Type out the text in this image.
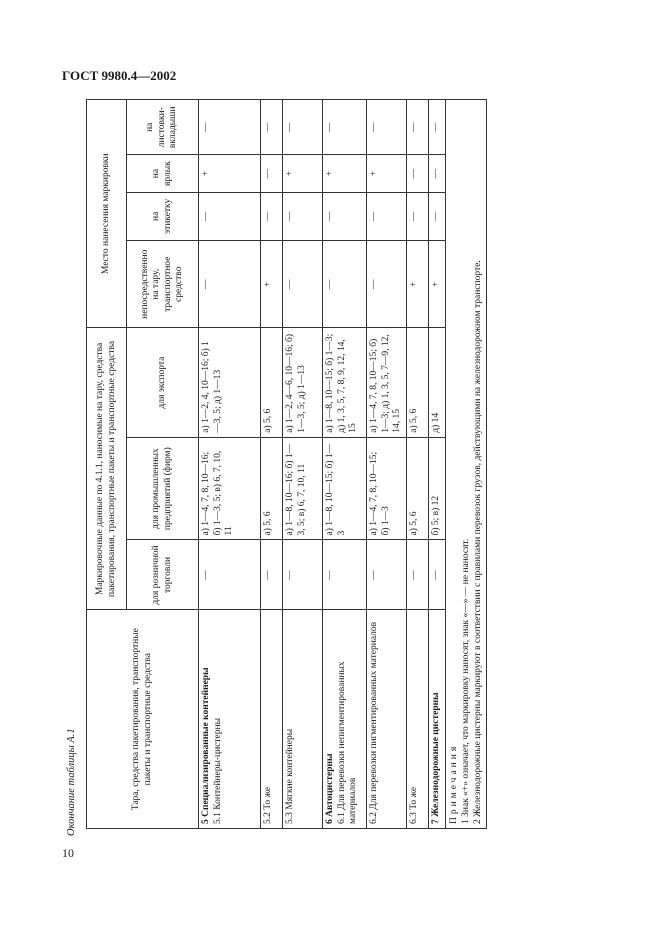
ГОСТ 9980.4—2002
Окончание таблицы А.1
10
Тара, средства пакетирования, транспортные пакеты и транспортные средства	Маркировочные данные по 4.1.1, наносимые на тару, средства пакетирования, транспортные пакеты и транспортные средства			Место нанесения маркировки			
	для розничной торговли	для промышленных предприятий (фирм)	для экспорта	непосредственно на тару, транспортное средство	на этикетку	на ярлык	на листовки-вкладыши

5 Специализированные контейнеры 5.1 Контейнеры-цистерны	—	а) 1—4, 7, 8, 10—16; б) 1—3, 5; в) 6, 7, 10, 11	а) 1—2, 4, 10—16; б) 1—3, 5; д) 1—13	—	—	+	—
5.2 То же	—	а) 5, 6	а) 5, 6	+	—	—	—
5.3 Мягкие контейнеры	—	а) 1—8, 10—16; б) 1—3, 5; в) 6, 7, 10, 11	а) 1—2, 4—6, 10—16; б) 1—3, 5; д) 1—13	—	—	+	—

6 Автоцистерны 6.1 Для перевозки непигментированных материалов	—	а) 1—8, 10—15; б) 1—3	а) 1—8, 10—15; б) 1—3; д) 1, 3, 5, 7, 8, 9, 12, 14, 15	—	—	+	—
6.2 Для перевозки пигментированных материалов	—	а) 1—4, 7, 8, 10—15; б) 1—3	а) 1—4, 7, 8, 10—15; б) 1—3; д) 1, 3, 5, 7—9, 12, 14, 15	—	—	+	—
6.3 То же	—	а) 5, 6	а) 5, 6	+	—	—	—
7 Железнодорожные цистерны	—	б) 5; в) 12	д) 14	+	—	—	—

Примечания 1 Знак «+» означает, что маркировку наносят, знак «—» — не наносят. 2 Железнодорожные цистерны маркируют в соответствии с правилами перевозок грузов, действующими на железнодорожном транспорте.							
